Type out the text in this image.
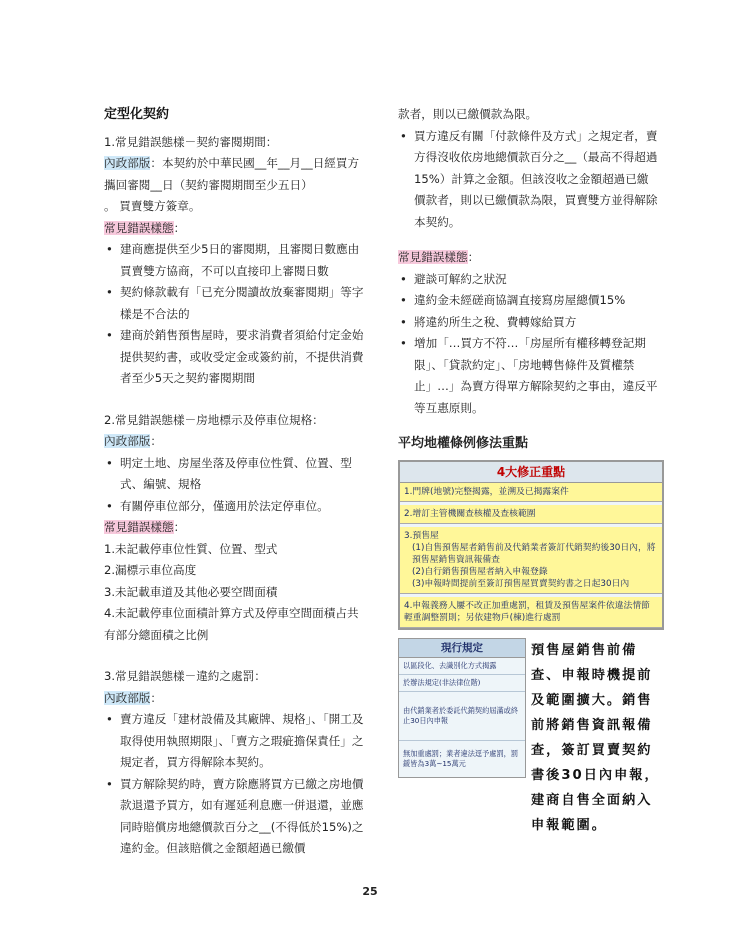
定型化契約

1.常見錯誤態樣－契約審閱期間：

內政部版：本契約於中華民國__年__月__日經買方攜回審閱__日（契約審閱期間至少五日）

。 買賣雙方簽章。

常見錯誤樣態：

• 建商應提供至少5日的審閱期，且審閱日數應由買賣雙方協商，不可以直接印上審閱日數
• 契約條款載有「已充分閱讀故放棄審閱期」等字樣是不合法的
• 建商於銷售預售屋時，要求消費者須給付定金始提供契約書，或收受定金或簽約前，不提供消費者至少5天之契約審閱期間

2.常見錯誤態樣－房地標示及停車位規格：

內政部版：

• 明定土地、房屋坐落及停車位性質、位置、型式、編號、規格
• 有關停車位部分，僅適用於法定停車位。

常見錯誤樣態：

1.未記載停車位性質、位置、型式

2.漏標示車位高度

3.未記載車道及其他必要空間面積

4.未記載停車位面積計算方式及停車空間面積占共有部分總面積之比例

3.常見錯誤態樣－違約之處罰：

內政部版：

• 賣方違反「建材設備及其廠牌、規格」、「開工及取得使用執照期限」、「賣方之瑕疵擔保責任」之規定者，買方得解除本契約。
• 買方解除契約時，賣方除應將買方已繳之房地價款退還予買方，如有遲延利息應一併退還，並應同時賠償房地總價款百分之__(不得低於15%)之違約金。但該賠償之金額超過已繳價

款者，則以已繳價款為限。

• 買方違反有關「付款條件及方式」之規定者，賣方得沒收依房地總價款百分之__（最高不得超過15%）計算之金額。但該沒收之金額超過已繳價款者，則以已繳價款為限，買賣雙方並得解除本契約。

常見錯誤樣態：

• 避談可解約之狀況
• 違約金未經磋商協調直接寫房屋總價15%
• 將違約所生之稅、費轉嫁給買方
• 增加「…買方不符…「房屋所有權移轉登記期限」、「貸款約定」、「房地轉售條件及質權禁止」…」為賣方得單方解除契約之事由，違反平等互惠原則。
平均地權條例修法重點
4大修正重點
1.門牌(地號)完整揭露，並溯及已揭露案件
2.增訂主管機關查核權及查核範圍
3.預售屋
(1)自售預售屋者銷售前及代銷業者簽訂代銷契約後30日內，將預售屋銷售資訊報備查
(2)自行銷售預售屋者納入申報登錄
(3)申報時間提前至簽訂預售屋買賣契約書之日起30日內
4.申報義務人屢不改正加重處罰，租賃及預售屋案件依違法情節輕重調整罰則；另依建物戶(棟)進行處罰
現行規定
以區段化、去識別化方式揭露
於辦法規定(非法律位階)
由代銷業者於委託代銷契約屆滿或終止30日內申報
無加重處罰；業者違法逕予處罰，罰鍰皆為3萬~15萬元
預售屋銷售前備查、申報時機提前及範圍擴大。銷售前將銷售資訊報備查，簽訂買賣契約書後30日內申報，建商自售全面納入申報範圍。
25
